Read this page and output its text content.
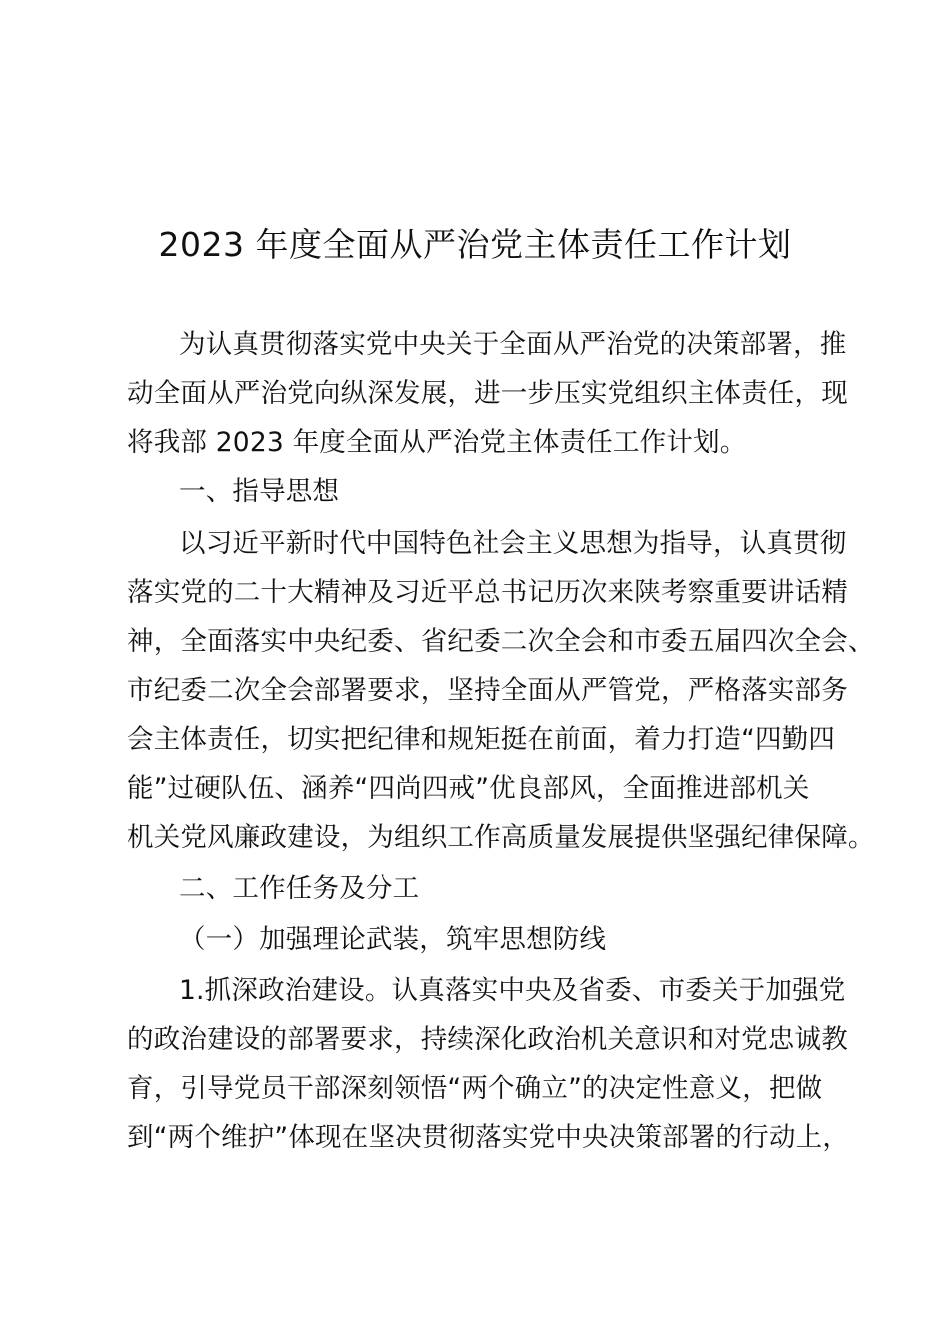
2023 年度全面从严治党主体责任工作计划
为认真贯彻落实党中央关于全面从严治党的决策部署，推
动全面从严治党向纵深发展，进一步压实党组织主体责任，现
将我部 2023 年度全面从严治党主体责任工作计划。
一、指导思想
以习近平新时代中国特色社会主义思想为指导，认真贯彻
落实党的二十大精神及习近平总书记历次来陕考察重要讲话精
神，全面落实中央纪委、省纪委二次全会和市委五届四次全会、
市纪委二次全会部署要求，坚持全面从严管党，严格落实部务
会主体责任，切实把纪律和规矩挺在前面，着力打造“四勤四
能”过硬队伍、涵养“四尚四戒”优良部风，全面推进部机关
机关党风廉政建设，为组织工作高质量发展提供坚强纪律保障。
二、工作任务及分工
（一）加强理论武装，筑牢思想防线
1.抓深政治建设。认真落实中央及省委、市委关于加强党
的政治建设的部署要求，持续深化政治机关意识和对党忠诚教
育，引导党员干部深刻领悟“两个确立”的决定性意义，把做
到“两个维护”体现在坚决贯彻落实党中央决策部署的行动上，
